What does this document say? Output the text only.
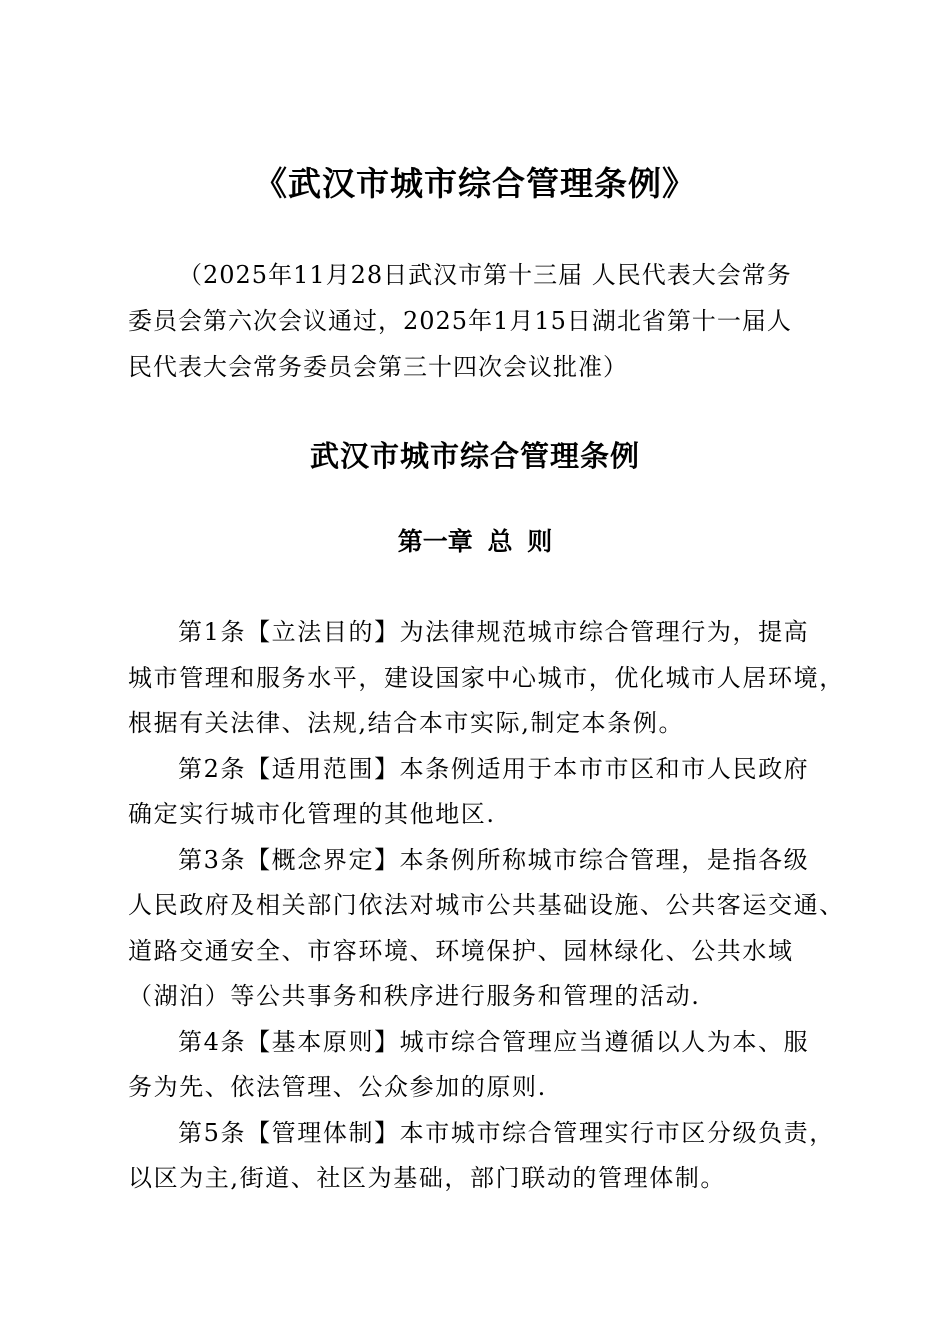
《武汉市城市综合管理条例》
（2025年11月28日武汉市第十三届 人民代表大会常务
委员会第六次会议通过，2025年1月15日湖北省第十一届人
民代表大会常务委员会第三十四次会议批准）
武汉市城市综合管理条例
第一章 总 则
第1条【立法目的】为法律规范城市综合管理行为，提高
城市管理和服务水平，建设国家中心城市，优化城市人居环境，
根据有关法律、法规,结合本市实际,制定本条例。
第2条【适用范围】本条例适用于本市市区和市人民政府
确定实行城市化管理的其他地区.
第3条【概念界定】本条例所称城市综合管理，是指各级
人民政府及相关部门依法对城市公共基础设施、公共客运交通、
道路交通安全、市容环境、环境保护、园林绿化、公共水域
（湖泊）等公共事务和秩序进行服务和管理的活动.
第4条【基本原则】城市综合管理应当遵循以人为本、服
务为先、依法管理、公众参加的原则.
第5条【管理体制】本市城市综合管理实行市区分级负责，
以区为主,街道、社区为基础，部门联动的管理体制。
